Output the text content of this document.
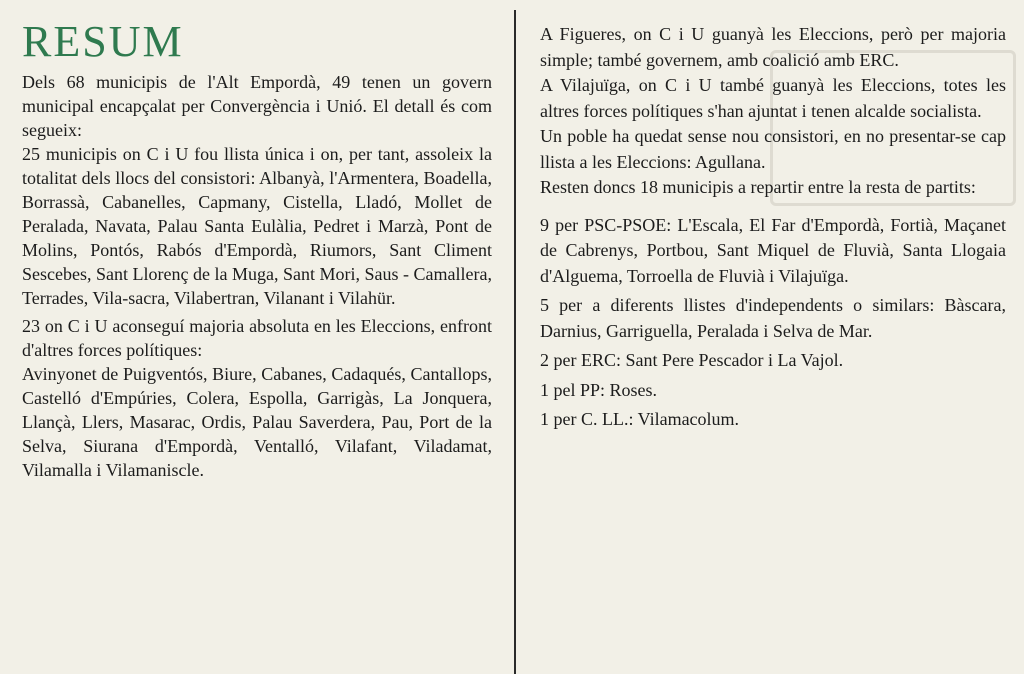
RESUM

Dels 68 municipis de l'Alt Empordà, 49 tenen un govern municipal encapçalat per Convergència i Unió. El detall és com segueix:

25 municipis on C i U fou llista única i on, per tant, assoleix la totalitat dels llocs del consistori: Albanyà, l'Armentera, Boadella, Borrassà, Cabanelles, Capmany, Cistella, Lladó, Mollet de Peralada, Navata, Palau Santa Eulàlia, Pedret i Marzà, Pont de Molins, Pontós, Rabós d'Empordà, Riumors, Sant Climent Sescebes, Sant Llorenç de la Muga, Sant Mori, Saus - Camallera, Terrades, Vila-sacra, Vilabertran, Vilanant i Vilahür.

23 on C i U aconseguí majoria absoluta en les Eleccions, enfront d'altres forces polítiques:

Avinyonet de Puigventós, Biure, Cabanes, Cadaqués, Cantallops, Castelló d'Empúries, Colera, Espolla, Garrigàs, La Jonquera, Llançà, Llers, Masarac, Ordis, Palau Saverdera, Pau, Port de la Selva, Siurana d'Empordà, Ventalló, Vilafant, Viladamat, Vilamalla i Vilamaniscle.

A Figueres, on C i U guanyà les Eleccions, però per majoria simple; també governem, amb coalició amb ERC.

A Vilajuïga, on C i U també guanyà les Eleccions, totes les altres forces polítiques s'han ajuntat i tenen alcalde socialista.

Un poble ha quedat sense nou consistori, en no presentar-se cap llista a les Eleccions: Agullana.

Resten doncs 18 municipis a repartir entre la resta de partits:

9 per PSC-PSOE: L'Escala, El Far d'Empordà, Fortià, Maçanet de Cabrenys, Portbou, Sant Miquel de Fluvià, Santa Llogaia d'Alguema, Torroella de Fluvià i Vilajuïga.

5 per a diferents llistes d'independents o similars: Bàscara, Darnius, Garriguella, Peralada i Selva de Mar.

2 per ERC: Sant Pere Pescador i La Vajol.

1 pel PP: Roses.

1 per C. LL.: Vilamacolum.
